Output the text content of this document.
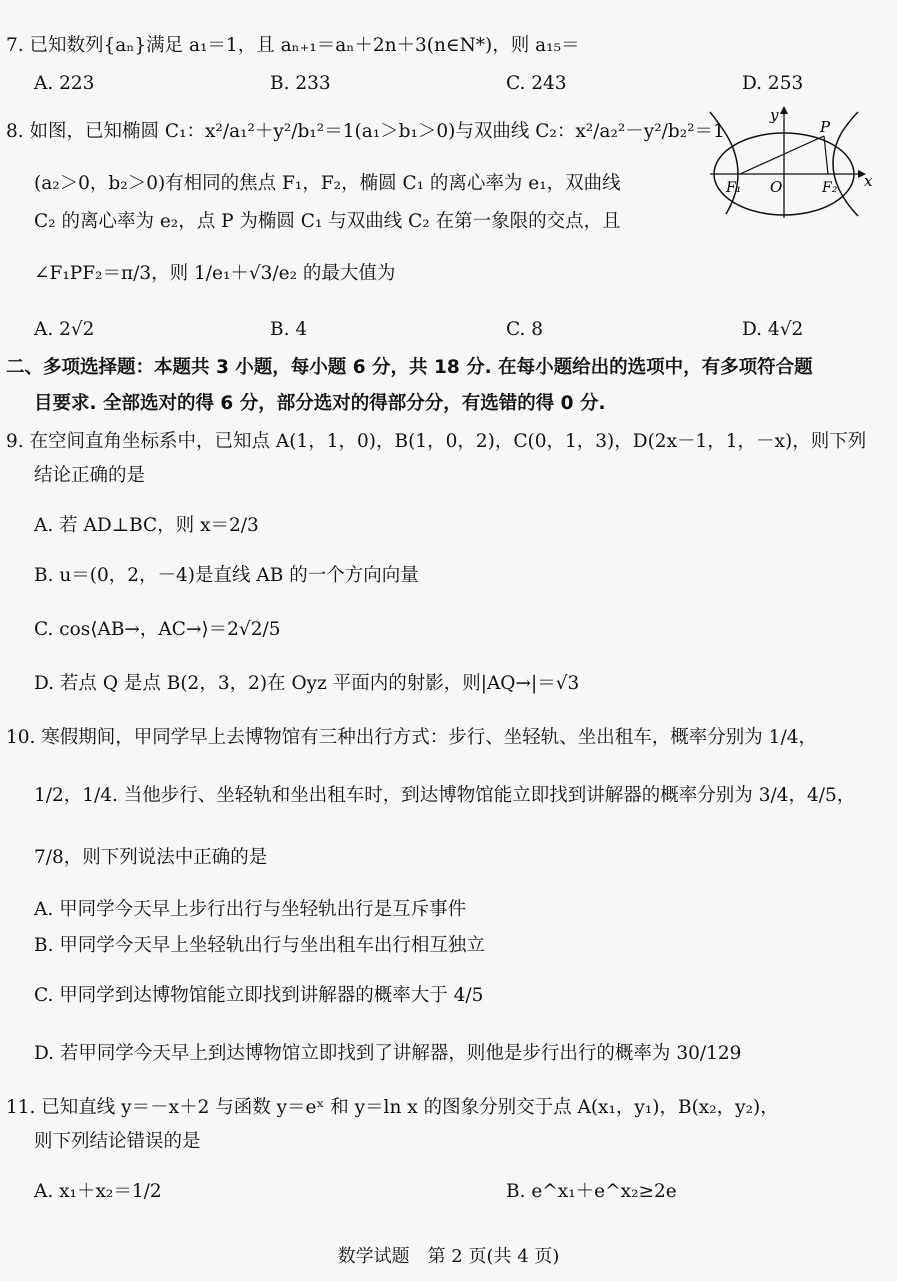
7. 已知数列{aₙ}满足 a₁＝1，且 aₙ₊₁＝aₙ＋2n＋3(n∈N*)，则 a₁₅＝
A. 223	B. 233	C. 243	D. 253
8. 如图，已知椭圆 C₁：x²/a₁²＋y²/b₁²＝1(a₁＞b₁＞0)与双曲线 C₂：x²/a₂²－y²/b₂²＝1
(a₂＞0，b₂＞0)有相同的焦点 F₁，F₂，椭圆 C₁ 的离心率为 e₁，双曲线
C₂ 的离心率为 e₂，点 P 为椭圆 C₁ 与双曲线 C₂ 在第一象限的交点，且
∠F₁PF₂＝π/3，则 1/e₁＋√3/e₂ 的最大值为
A. 2√2	B. 4	C. 8	D. 4√2
y
P
F₁ O	F₂ x
二、多项选择题：本题共 3 小题，每小题 6 分，共 18 分. 在每小题给出的选项中，有多项符合题
目要求. 全部选对的得 6 分，部分选对的得部分分，有选错的得 0 分.
9. 在空间直角坐标系中，已知点 A(1，1，0)，B(1，0，2)，C(0，1，3)，D(2x－1，1，－x)，则下列
结论正确的是
A. 若 AD⊥BC，则 x＝2/3
B. u＝(0，2，－4)是直线 AB 的一个方向向量
C. cos⟨AB→，AC→⟩＝2√2/5
D. 若点 Q 是点 B(2，3，2)在 Oyz 平面内的射影，则|AQ→|＝√3
10. 寒假期间，甲同学早上去博物馆有三种出行方式：步行、坐轻轨、坐出租车，概率分别为 1/4，
1/2，1/4. 当他步行、坐轻轨和坐出租车时，到达博物馆能立即找到讲解器的概率分别为 3/4，4/5，
7/8，则下列说法中正确的是
A. 甲同学今天早上步行出行与坐轻轨出行是互斥事件
B. 甲同学今天早上坐轻轨出行与坐出租车出行相互独立
C. 甲同学到达博物馆能立即找到讲解器的概率大于 4/5
D. 若甲同学今天早上到达博物馆立即找到了讲解器，则他是步行出行的概率为 30/129
11. 已知直线 y＝－x＋2 与函数 y＝eˣ 和 y＝ln x 的图象分别交于点 A(x₁，y₁)，B(x₂，y₂)，
则下列结论错误的是
A. x₁＋x₂＝1/2	B. e^x₁＋e^x₂≥2e
数学试题　第 2 页(共 4 页)
